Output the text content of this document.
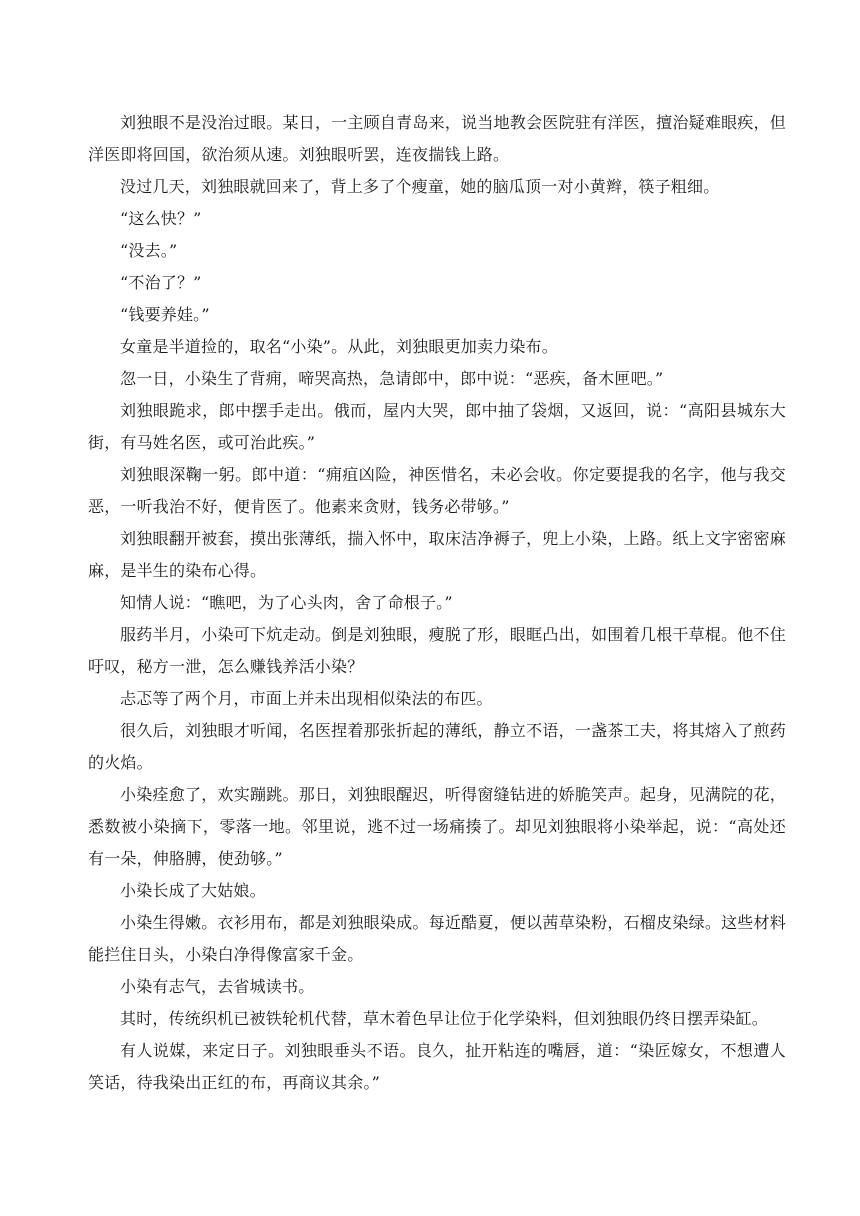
刘独眼不是没治过眼。某日，一主顾自青岛来，说当地教会医院驻有洋医，擅治疑难眼疾，但洋医即将回国，欲治须从速。刘独眼听罢，连夜揣钱上路。

没过几天，刘独眼就回来了，背上多了个瘦童，她的脑瓜顶一对小黄辫，筷子粗细。

“这么快？”

“没去。”

“不治了？”

“钱要养娃。”

女童是半道捡的，取名“小染”。从此，刘独眼更加卖力染布。

忽一日，小染生了背痈，啼哭高热，急请郎中，郎中说：“恶疾，备木匣吧。”

刘独眼跪求，郎中摆手走出。俄而，屋内大哭，郎中抽了袋烟，又返回，说：“高阳县城东大街，有马姓名医，或可治此疾。”

刘独眼深鞠一躬。郎中道：“痈疽凶险，神医惜名，未必会收。你定要提我的名字，他与我交恶，一听我治不好，便肯医了。他素来贪财，钱务必带够。”

刘独眼翻开被套，摸出张薄纸，揣入怀中，取床洁净褥子，兜上小染，上路。纸上文字密密麻麻，是半生的染布心得。

知情人说：“瞧吧，为了心头肉，舍了命根子。”

服药半月，小染可下炕走动。倒是刘独眼，瘦脱了形，眼眶凸出，如围着几根干草棍。他不住吁叹，秘方一泄，怎么赚钱养活小染？

忐忑等了两个月，市面上并未出现相似染法的布匹。

很久后，刘独眼才听闻，名医捏着那张折起的薄纸，静立不语，一盏茶工夫，将其熔入了煎药的火焰。

小染痊愈了，欢实蹦跳。那日，刘独眼醒迟，听得窗缝钻进的娇脆笑声。起身，见满院的花，悉数被小染摘下，零落一地。邻里说，逃不过一场痛揍了。却见刘独眼将小染举起，说：“高处还有一朵，伸胳膊，使劲够。”

小染长成了大姑娘。

小染生得嫩。衣衫用布，都是刘独眼染成。每近酷夏，便以茜草染粉，石榴皮染绿。这些材料能拦住日头，小染白净得像富家千金。

小染有志气，去省城读书。

其时，传统织机已被铁轮机代替，草木着色早让位于化学染料，但刘独眼仍终日摆弄染缸。

有人说媒，来定日子。刘独眼垂头不语。良久，扯开粘连的嘴唇，道：“染匠嫁女，不想遭人笑话，待我染出正红的布，再商议其余。”
